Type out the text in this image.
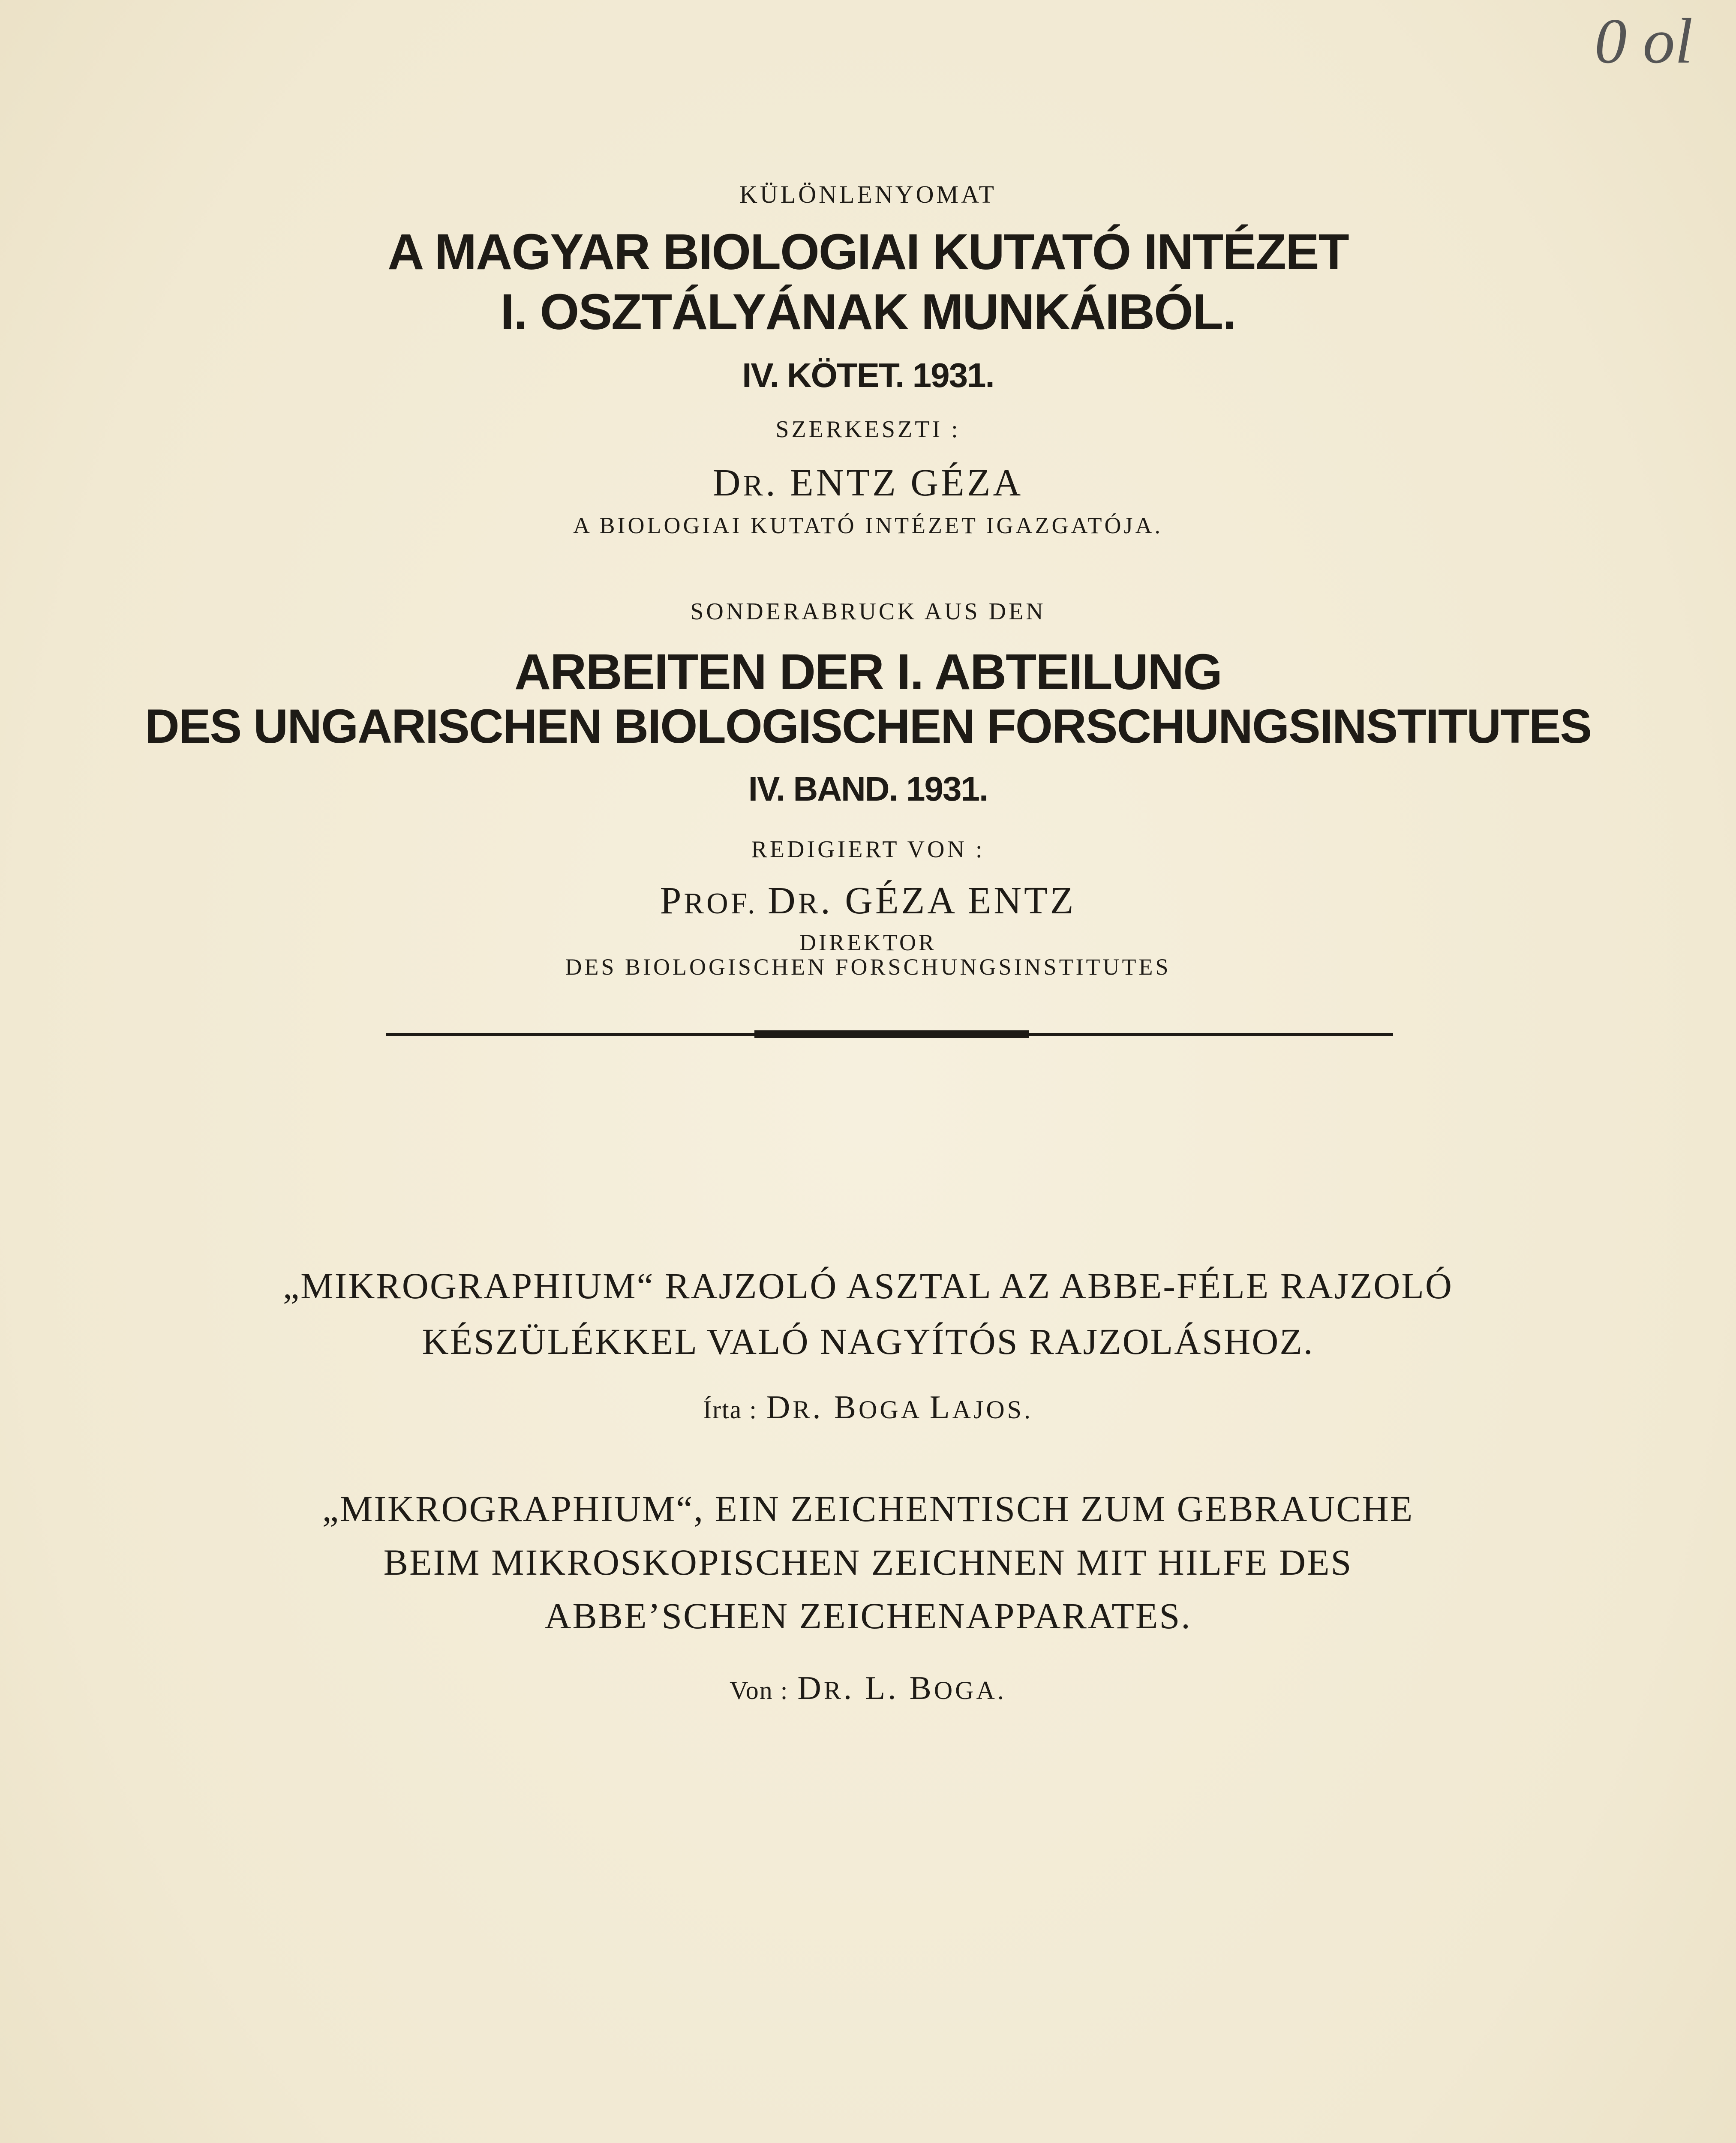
0 ol
KÜLÖNLENYOMAT
A MAGYAR BIOLOGIAI KUTATÓ INTÉZET
I. OSZTÁLYÁNAK MUNKÁIBÓL.
IV. KÖTET. 1931.
SZERKESZTI :
DR. ENTZ GÉZA
A BIOLOGIAI KUTATÓ INTÉZET IGAZGATÓJA.
SONDERABRUCK AUS DEN
ARBEITEN DER I. ABTEILUNG
DES UNGARISCHEN BIOLOGISCHEN FORSCHUNGSINSTITUTES
IV. BAND. 1931.
REDIGIERT VON :
PROF. DR. GÉZA ENTZ
DIREKTOR
DES BIOLOGISCHEN FORSCHUNGSINSTITUTES
„MIKROGRAPHIUM“ RAJZOLÓ ASZTAL AZ ABBE-FÉLE RAJZOLÓ
KÉSZÜLÉKKEL VALÓ NAGYÍTÓS RAJZOLÁSHOZ.
Írta : DR. BOGA LAJOS.
„MIKROGRAPHIUM“, EIN ZEICHENTISCH ZUM GEBRAUCHE
BEIM MIKROSKOPISCHEN ZEICHNEN MIT HILFE DES
ABBE’SCHEN ZEICHENAPPARATES.
Von : DR. L. BOGA.
